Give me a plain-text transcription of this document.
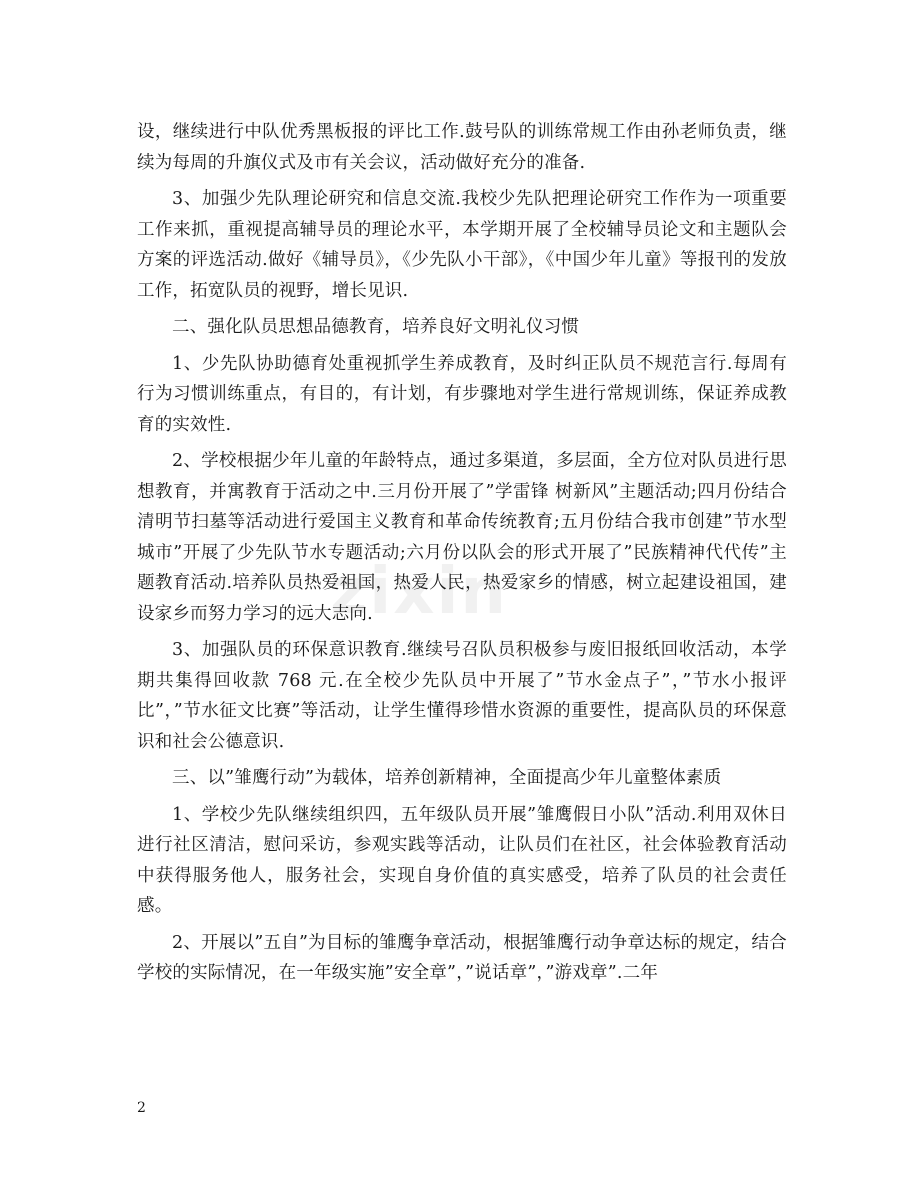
zixin

设，继续进行中队优秀黑板报的评比工作.鼓号队的训练常规工作由孙老师负责，继续为每周的升旗仪式及市有关会议，活动做好充分的准备.

3、加强少先队理论研究和信息交流.我校少先队把理论研究工作作为一项重要工作来抓，重视提高辅导员的理论水平，本学期开展了全校辅导员论文和主题队会方案的评选活动.做好《辅导员》，《少先队小干部》，《中国少年儿童》等报刊的发放工作，拓宽队员的视野，增长见识.

二、强化队员思想品德教育，培养良好文明礼仪习惯

1、少先队协助德育处重视抓学生养成教育，及时纠正队员不规范言行.每周有行为习惯训练重点，有目的，有计划，有步骤地对学生进行常规训练，保证养成教育的实效性.

2、学校根据少年儿童的年龄特点，通过多渠道，多层面，全方位对队员进行思想教育，并寓教育于活动之中.三月份开展了”学雷锋 树新风”主题活动;四月份结合清明节扫墓等活动进行爱国主义教育和革命传统教育;五月份结合我市创建”节水型城市”开展了少先队节水专题活动;六月份以队会的形式开展了”民族精神代代传”主题教育活动.培养队员热爱祖国，热爱人民，热爱家乡的情感，树立起建设祖国，建设家乡而努力学习的远大志向.

3、加强队员的环保意识教育.继续号召队员积极参与废旧报纸回收活动，本学期共集得回收款 768 元.在全校少先队员中开展了”节水金点子”，”节水小报评比”，”节水征文比赛”等活动，让学生懂得珍惜水资源的重要性，提高队员的环保意识和社会公德意识.

三、以”雏鹰行动”为载体，培养创新精神，全面提高少年儿童整体素质

1、学校少先队继续组织四，五年级队员开展”雏鹰假日小队”活动.利用双休日进行社区清洁，慰问采访，参观实践等活动，让队员们在社区，社会体验教育活动中获得服务他人，服务社会，实现自身价值的真实感受，培养了队员的社会责任感。

2、开展以”五自”为目标的雏鹰争章活动，根据雏鹰行动争章达标的规定，结合学校的实际情况，在一年级实施”安全章”，”说话章”，”游戏章”.二年

2
